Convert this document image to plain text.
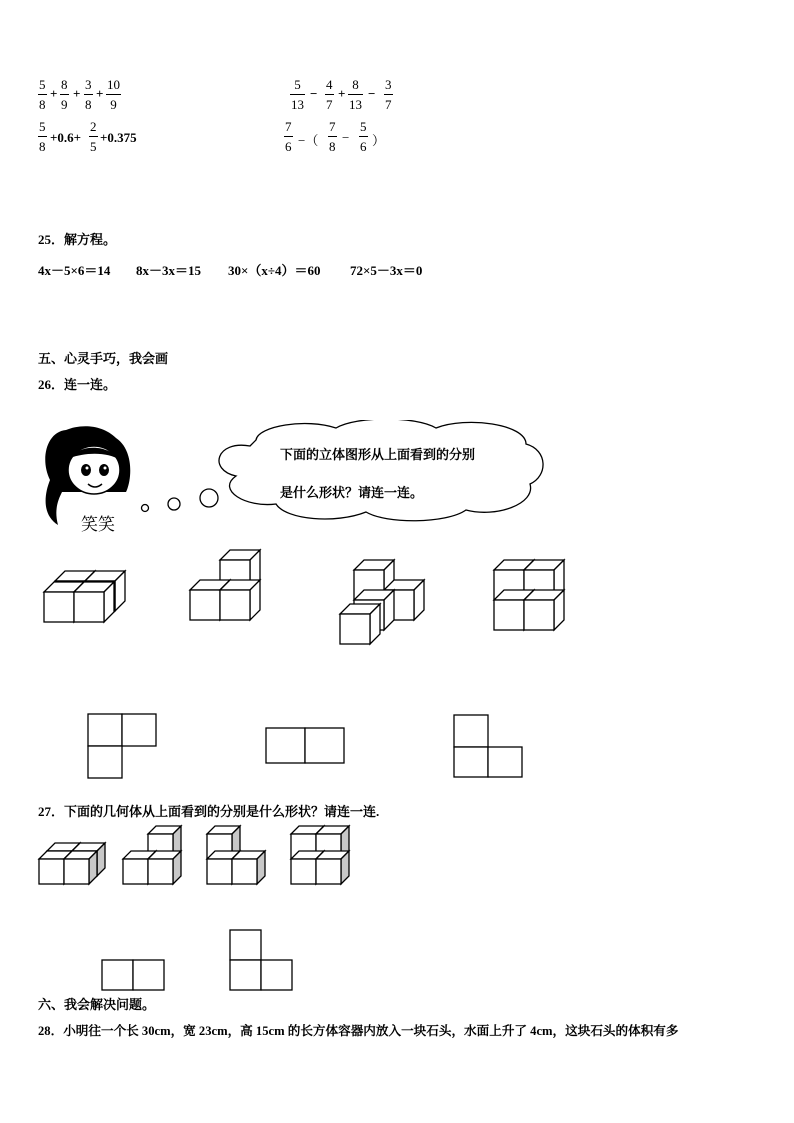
5
8
+
8
9
+
3
8
+
10
9
5
13
−
4
7
+
8
13
−
3
7
5
8
+0.6+
2
5
+0.375
7
6 −（
7
8
−
5
6 ）
25．解方程。
4x－5×6＝14 8x－3x＝15 30×（x÷4）＝60 72×5－3x＝0
五、心灵手巧，我会画
26．连一连。
笑笑
下面的立体图形从上面看到的分别
是什么形状？请连一连。
27．下面的几何体从上面看到的分别是什么形状？请连一连.
六、我会解决问题。
28．小明往一个长 30cm，宽 23cm，高 15cm 的长方体容器内放入一块石头，水面上升了 4cm，这块石头的体积有多
